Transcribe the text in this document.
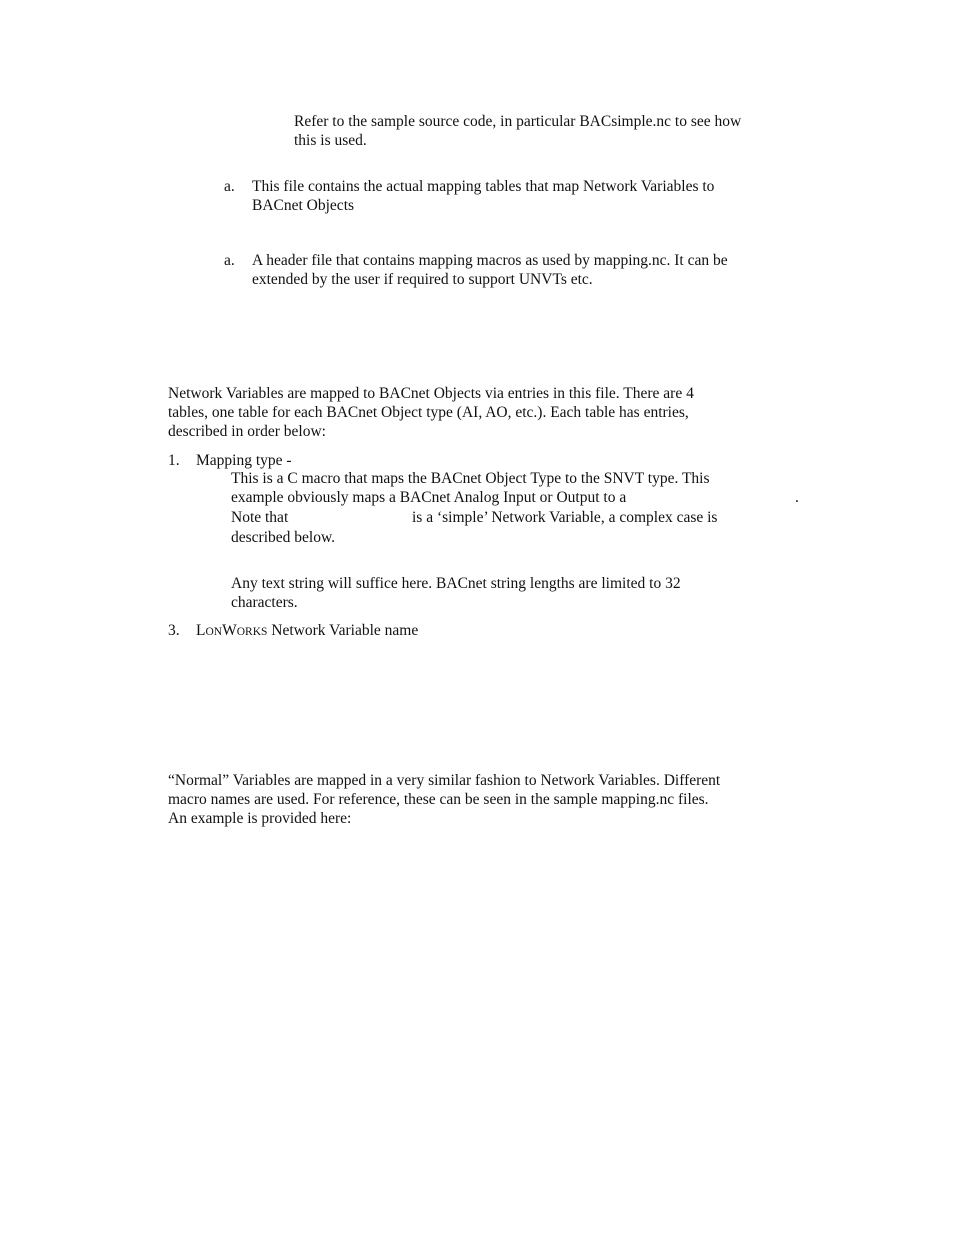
Refer to the sample source code, in particular BACsimple.nc to see how

this is used.

a. This file contains the actual mapping tables that map Network Variables to

BACnet Objects

a. A header file that contains mapping macros as used by mapping.nc. It can be

extended by the user if required to support UNVTs etc.

Network Variables are mapped to BACnet Objects via entries in this file. There are 4

tables, one table for each BACnet Object type (AI, AO, etc.). Each table has entries,

described in order below:

1. Mapping type -

This is a C macro that maps the BACnet Object Type to the SNVT type. This

example obviously maps a BACnet Analog Input or Output to a	.

Note that	is a ‘simple’ Network Variable, a complex case is

described below.

Any text string will suffice here. BACnet string lengths are limited to 32

characters.

3. LONWORKS Network Variable name

“Normal” Variables are mapped in a very similar fashion to Network Variables. Different

macro names are used. For reference, these can be seen in the sample mapping.nc files.

An example is provided here:
